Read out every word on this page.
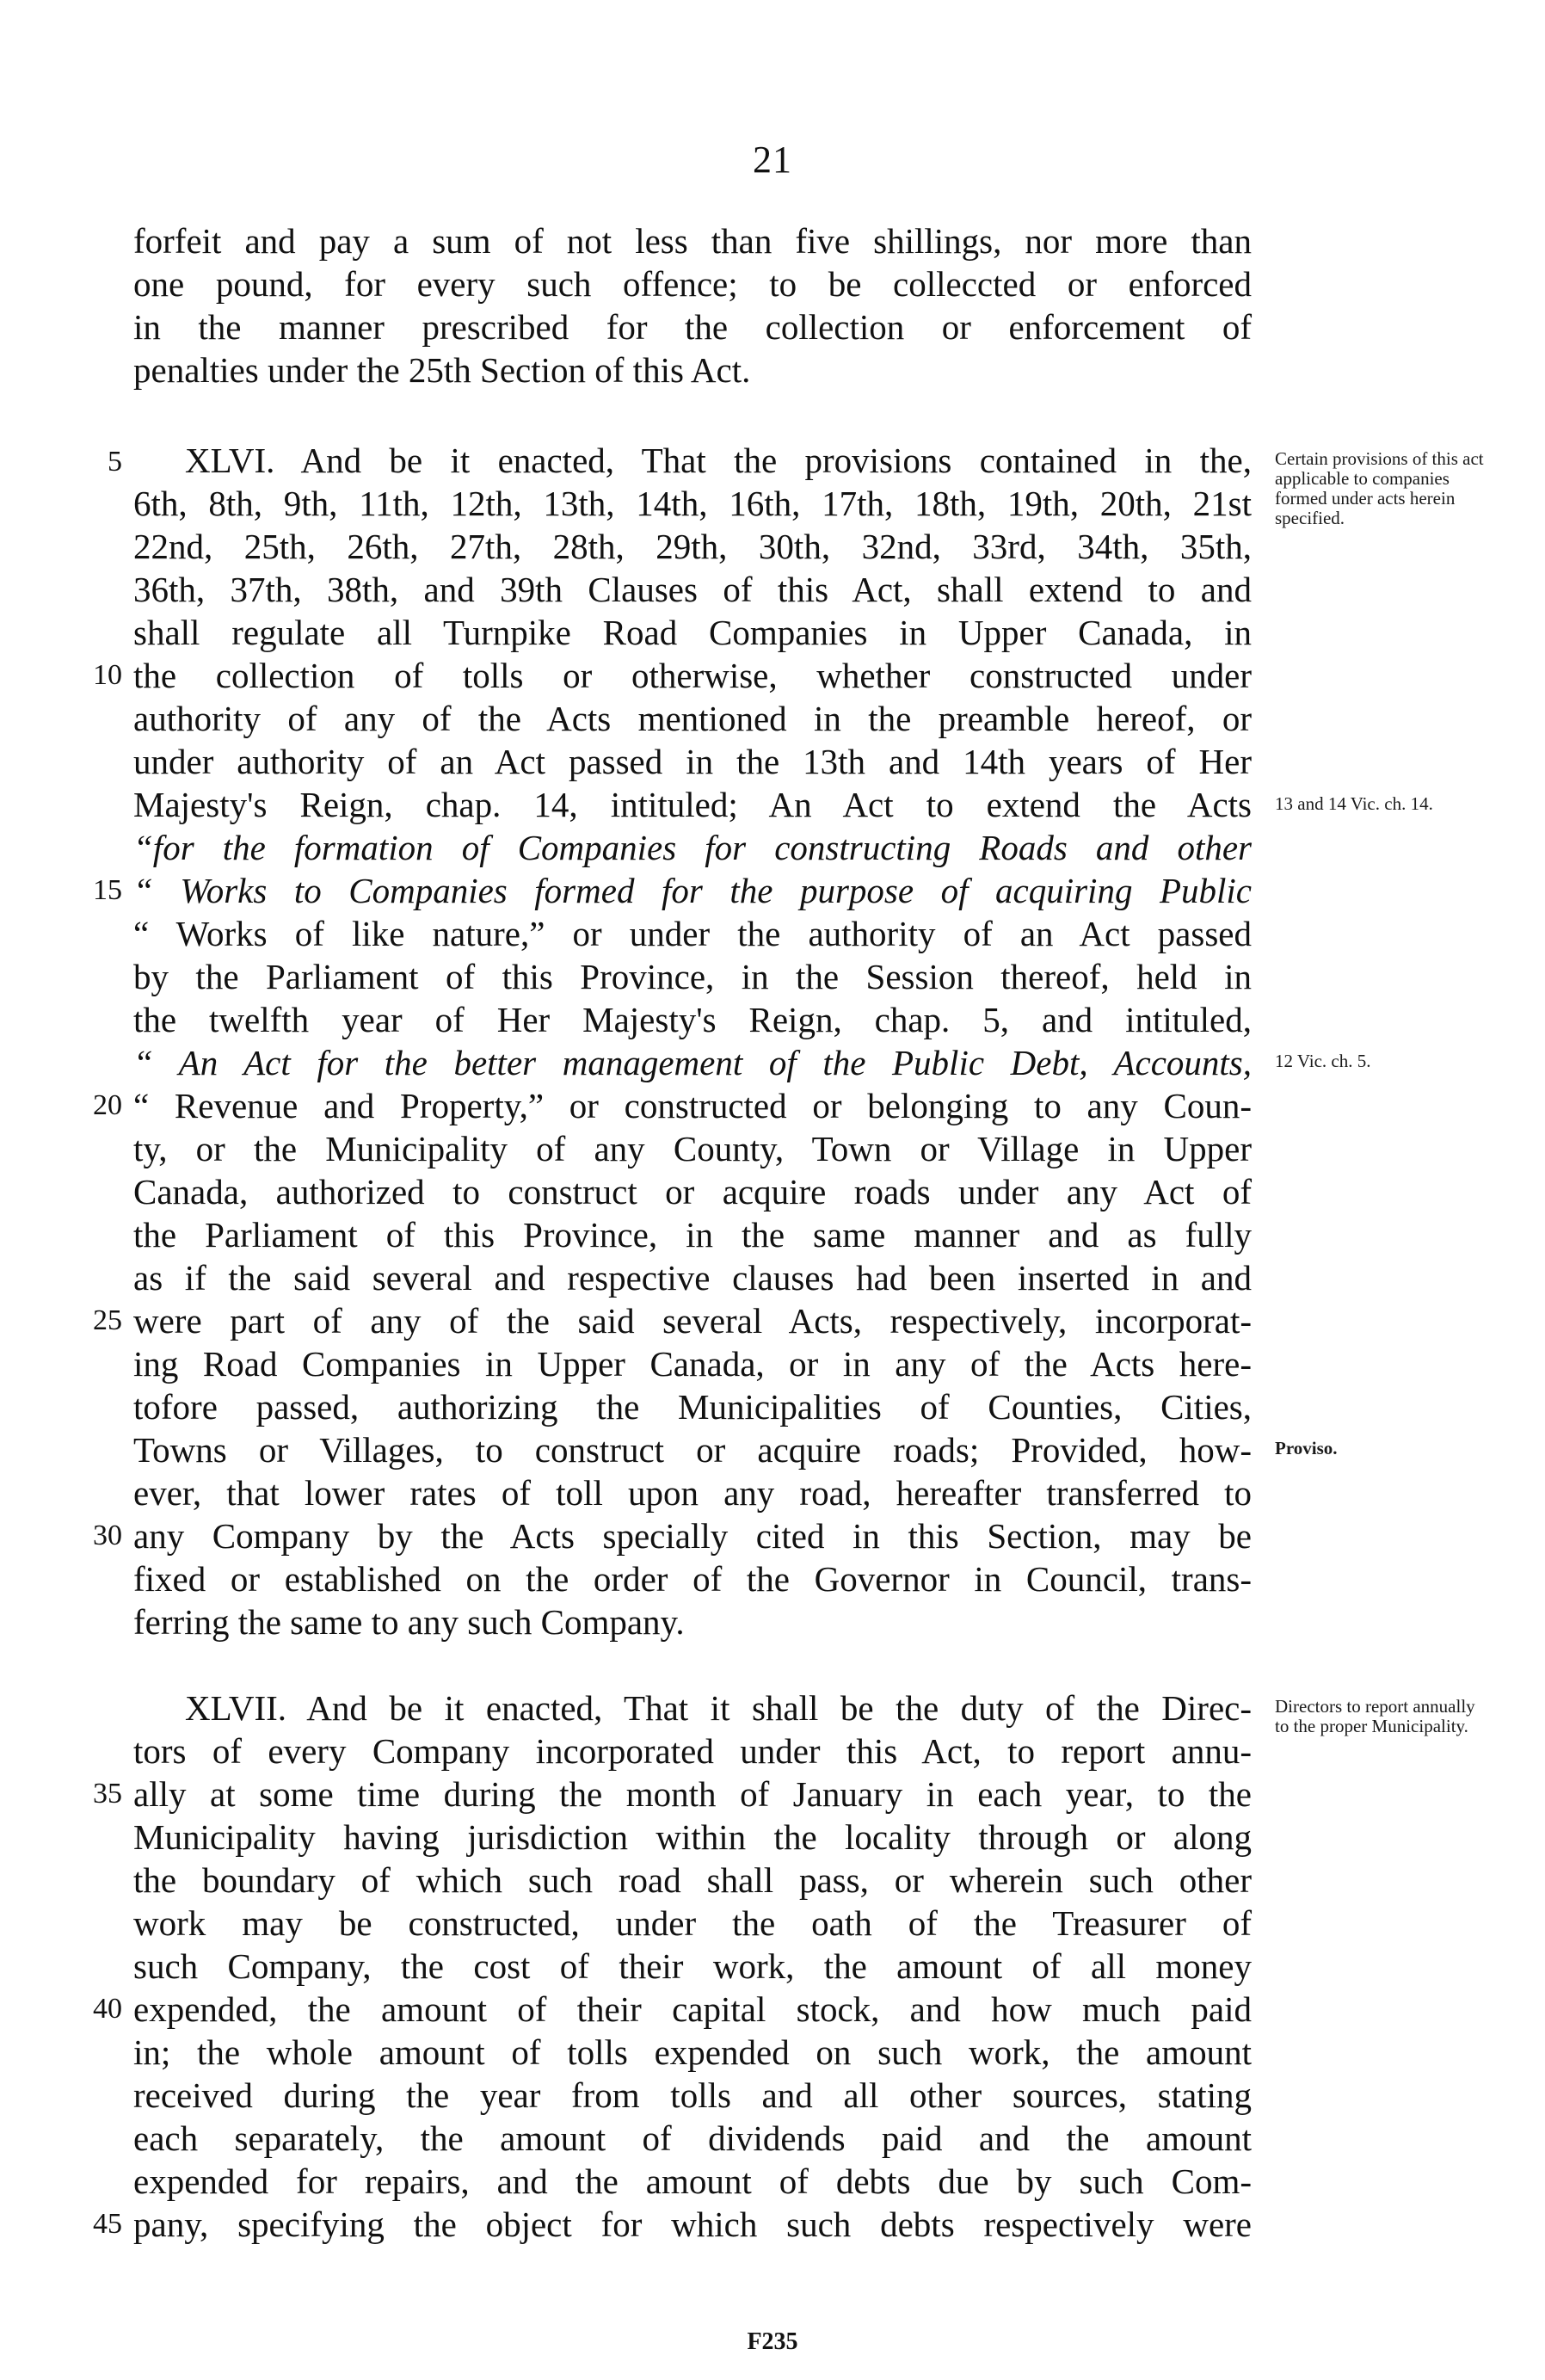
21
forfeit and pay a sum of not less than five shillings, nor more than
one pound, for every such offence; to be colleccted or enforced
in the manner prescribed for the collection or enforcement of
penalties under the 25th Section of this Act.
XLVI. And be it enacted, That the provisions contained in the,
6th, 8th, 9th, 11th, 12th, 13th, 14th, 16th, 17th, 18th, 19th, 20th, 21st
22nd, 25th, 26th, 27th, 28th, 29th, 30th, 32nd, 33rd, 34th, 35th,
36th, 37th, 38th, and 39th Clauses of this Act, shall extend to and
shall regulate all Turnpike Road Companies in Upper Canada, in
the collection of tolls or otherwise, whether constructed under
authority of any of the Acts mentioned in the preamble hereof, or
under authority of an Act passed in the 13th and 14th years of Her
Majesty's Reign, chap. 14, intituled; An Act to extend the Acts
“for the formation of Companies for constructing Roads and other
“ Works to Companies formed for the purpose of acquiring Public
“ Works of like nature,” or under the authority of an Act passed
by the Parliament of this Province, in the Session thereof, held in
the twelfth year of Her Majesty's Reign, chap. 5, and intituled,
“ An Act for the better management of the Public Debt, Accounts,
“ Revenue and Property,” or constructed or belonging to any Coun-
ty, or the Municipality of any County, Town or Village in Upper
Canada, authorized to construct or acquire roads under any Act of
the Parliament of this Province, in the same manner and as fully
as if the said several and respective clauses had been inserted in and
were part of any of the said several Acts, respectively, incorporat-
ing Road Companies in Upper Canada, or in any of the Acts here-
tofore passed, authorizing the Municipalities of Counties, Cities,
Towns or Villages, to construct or acquire roads; Provided, how-
ever, that lower rates of toll upon any road, hereafter transferred to
any Company by the Acts specially cited in this Section, may be
fixed or established on the order of the Governor in Council, trans-
ferring the same to any such Company.
XLVII. And be it enacted, That it shall be the duty of the Direc-
tors of every Company incorporated under this Act, to report annu-
ally at some time during the month of January in each year, to the
Municipality having jurisdiction within the locality through or along
the boundary of which such road shall pass, or wherein such other
work may be constructed, under the oath of the Treasurer of
such Company, the cost of their work, the amount of all money
expended, the amount of their capital stock, and how much paid
in; the whole amount of tolls expended on such work, the amount
received during the year from tolls and all other sources, stating
each separately, the amount of dividends paid and the amount
expended for repairs, and the amount of debts due by such Com-
pany, specifying the object for which such debts respectively were
5
10
15
20
25
30
35
40
45
Certain provisions of this act applicable to companies formed under acts herein specified.
13 and 14 Vic. ch. 14.
12 Vic. ch. 5.
Proviso.
Directors to report annually to the proper Municipality.
F235
